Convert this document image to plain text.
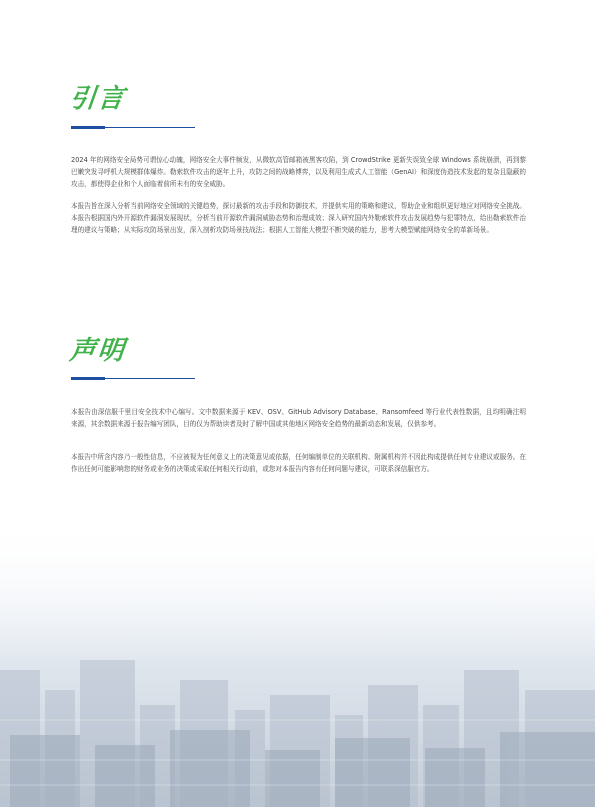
引言

2024 年的网络安全局势可谓惊心动魄，网络安全大事件频发，从微软高管邮箱被黑客攻陷，到 CrowdStrike 更新失误致全球 Windows 系统崩溃，再到黎巴嫩突发寻呼机大规模群体爆炸。勒索软件攻击的逐年上升，攻防之间的战略博弈，以及利用生成式人工智能（GenAI）和深度伪造技术发起的复杂且隐蔽的攻击，都使得企业和个人面临着前所未有的安全威胁。

本报告旨在深入分析当前网络安全领域的关键趋势，探讨最新的攻击手段和防御技术，并提供实用的策略和建议，帮助企业和组织更好地应对网络安全挑战。本报告根据国内外开源软件漏洞发展现状，分析当前开源软件漏洞威胁态势和治理成效；深入研究国内外勒索软件攻击发展趋势与犯罪特点，给出勒索软件治理的建议与策略；从实际攻防场景出发，深入剖析攻防场景技战法；根据人工智能大模型不断突破的能力，思考大模型赋能网络安全的革新场景。

声明

本报告由深信服千里目安全技术中心编写。文中数据来源于 KEV、OSV、GitHub Advisory Database、Ransomfeed 等行业代表性数据，且均明确注明来源，其余数据来源于报告编写团队，目的仅为帮助读者及时了解中国或其他地区网络安全趋势的最新动态和发展，仅供参考。

本报告中所含内容乃一般性信息，不应被视为任何意义上的决策意见或依据，任何编制单位的关联机构、附属机构并不因此构成提供任何专业建议或服务。在作出任何可能影响您的财务或业务的决策或采取任何相关行动前，或您对本报告内容有任何问题与建议，可联系深信服官方。
